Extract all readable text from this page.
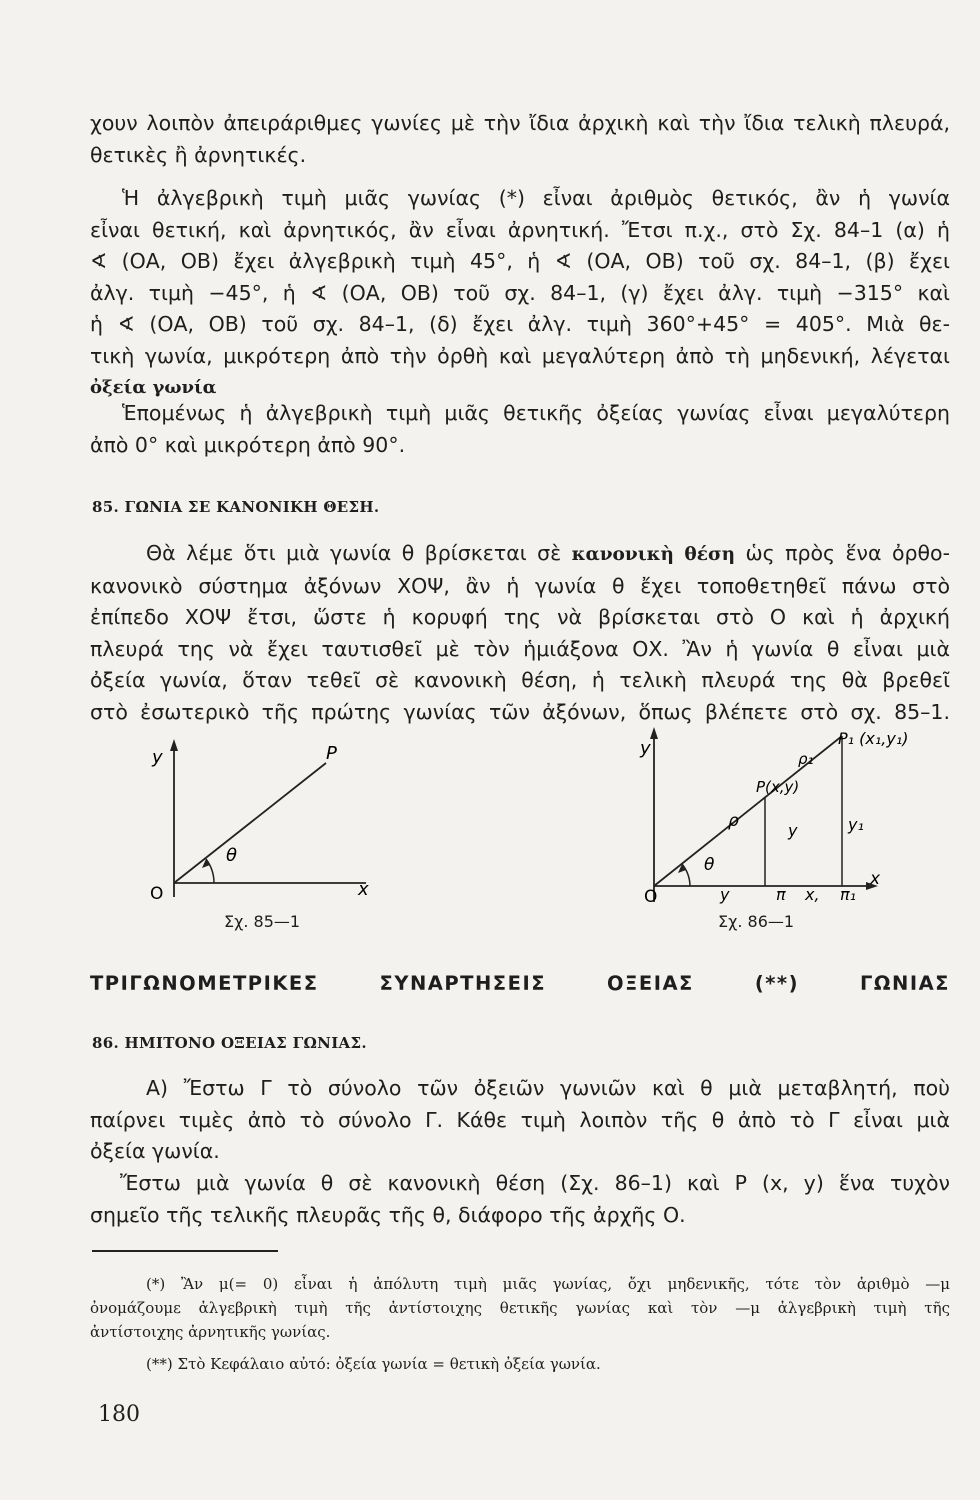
χουν λοιπὸν ἀπειράριθμες γωνίες μὲ τὴν ἴδια ἀρχικὴ καὶ τὴν ἴδια τελικὴ πλευρά,
θετικὲς ἢ ἀρνητικές.
Ἡ ἀλγεβρικὴ τιμὴ μιᾶς γωνίας (*) εἶναι ἀριθμὸς θετικός, ἂν ἡ γωνία
εἶναι θετική, καὶ ἀρνητικός, ἂν εἶναι ἀρνητική. Ἔτσι π.χ., στὸ Σχ. 84–1 (α) ἡ
∢ (ΟΑ, ΟΒ) ἔχει ἀλγεβρικὴ τιμὴ 45°, ἡ ∢ (ΟΑ, ΟΒ) τοῦ σχ. 84–1, (β) ἔχει
ἀλγ. τιμὴ −45°, ἡ ∢ (ΟΑ, ΟΒ) τοῦ σχ. 84–1, (γ) ἔχει ἀλγ. τιμὴ −315° καὶ
ἡ ∢ (ΟΑ, ΟΒ) τοῦ σχ. 84–1, (δ) ἔχει ἀλγ. τιμὴ 360°+45° = 405°. Μιὰ θε-
τικὴ γωνία, μικρότερη ἀπὸ τὴν ὀρθὴ καὶ μεγαλύτερη ἀπὸ τὴ μηδενική, λέγεται
ὀξεία γωνία
Ἑπομένως ἡ ἀλγεβρικὴ τιμὴ μιᾶς θετικῆς ὀξείας γωνίας εἶναι μεγαλύτερη
ἀπὸ 0° καὶ μικρότερη ἀπὸ 90°.
85. ΓΩΝΙΑ ΣΕ ΚΑΝΟΝΙΚΗ ΘΕΣΗ.
Θὰ λέμε ὅτι μιὰ γωνία θ βρίσκεται σὲ κανονικὴ θέση ὡς πρὸς ἕνα ὀρθο-
κανονικὸ σύστημα ἀξόνων ΧΟΨ, ἂν ἡ γωνία θ ἔχει τοποθετηθεῖ πάνω στὸ
ἐπίπεδο ΧΟΨ ἔτσι, ὥστε ἡ κορυφή της νὰ βρίσκεται στὸ Ο καὶ ἡ ἀρχική
πλευρά της νὰ ἔχει ταυτισθεῖ μὲ τὸν ἡμιάξονα ΟΧ. Ἂν ἡ γωνία θ εἶναι μιὰ
ὀξεία γωνία, ὅταν τεθεῖ σὲ κανονικὴ θέση, ἡ τελικὴ πλευρά της θὰ βρεθεῖ
στὸ ἐσωτερικὸ τῆς πρώτης γωνίας τῶν ἀξόνων, ὅπως βλέπετε στὸ σχ. 85–1.
y
x
O
P
θ
Σχ. 85—1
y
x
O
P₁ (x₁,y₁)
P(x,y)
ρ₁
ρ	y	y₁
θ
y	π x, π₁
Σχ. 86—1
ΤΡΙΓΩΝΟΜΕΤΡΙΚΕΣ ΣΥΝΑΡΤΗΣΕΙΣ ΟΞΕΙΑΣ (**) ΓΩΝΙΑΣ
86. ΗΜΙΤΟΝΟ ΟΞΕΙΑΣ ΓΩΝΙΑΣ.
Α) Ἔστω Γ τὸ σύνολο τῶν ὀξειῶν γωνιῶν καὶ θ μιὰ μεταβλητή, ποὺ
παίρνει τιμὲς ἀπὸ τὸ σύνολο Γ. Κάθε τιμὴ λοιπὸν τῆς θ ἀπὸ τὸ Γ εἶναι μιὰ
ὀξεία γωνία.
Ἔστω μιὰ γωνία θ σὲ κανονικὴ θέση (Σχ. 86–1) καὶ Ρ (x, y) ἕνα τυχὸν
σημεῖο τῆς τελικῆς πλευρᾶς τῆς θ, διάφορο τῆς ἀρχῆς Ο.
(*) Ἂν μ(= 0) εἶναι ἡ ἀπόλυτη τιμὴ μιᾶς γωνίας, ὄχι μηδενικῆς, τότε τὸν ἀριθμὸ —μ
ὀνομάζουμε ἀλγεβρικὴ τιμὴ τῆς ἀντίστοιχης θετικῆς γωνίας καὶ τὸν —μ ἀλγεβρικὴ τιμὴ τῆς
ἀντίστοιχης ἀρνητικῆς γωνίας.
(**) Στὸ Κεφάλαιο αὐτό: ὀξεία γωνία = θετικὴ ὀξεία γωνία.
180
